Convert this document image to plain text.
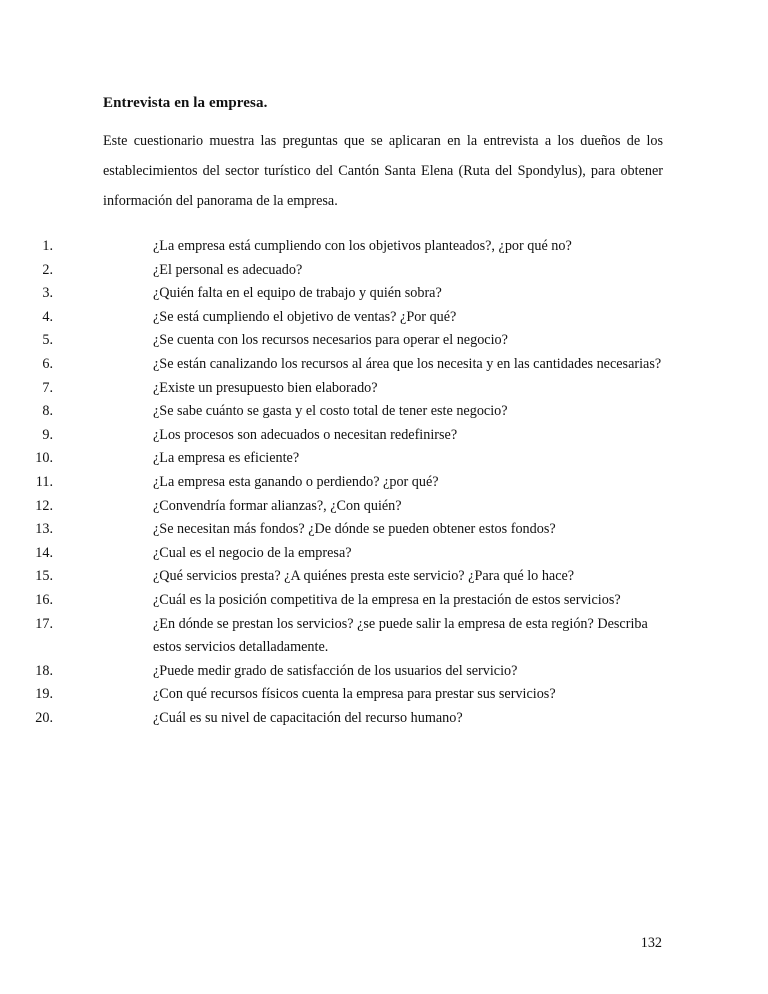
Entrevista en la empresa.

Este cuestionario muestra las preguntas que se aplicaran en la entrevista a los dueños de los establecimientos del sector turístico del Cantón Santa Elena (Ruta del Spondylus), para obtener información del panorama de la empresa.

1.	¿La empresa está cumpliendo con los objetivos planteados?, ¿por qué no?
2.	¿El personal es adecuado?
3.	¿Quién falta en el equipo de trabajo y quién sobra?
4.	¿Se está cumpliendo el objetivo de ventas? ¿Por qué?
5.	¿Se cuenta con los recursos necesarios para operar el negocio?
6.	¿Se están canalizando los recursos al área que los necesita y en las cantidades necesarias?
7.	¿Existe un presupuesto bien elaborado?
8.	¿Se sabe cuánto se gasta y el costo total de tener este negocio?
9.	¿Los procesos son adecuados o necesitan redefinirse?
10.	¿La empresa es eficiente?
11.	¿La empresa esta ganando o perdiendo? ¿por qué?
12.	¿Convendría formar alianzas?, ¿Con quién?
13.	¿Se necesitan más fondos? ¿De dónde se pueden obtener estos fondos?
14.	¿Cual es el negocio de la empresa?
15.	¿Qué servicios presta? ¿A quiénes presta este servicio? ¿Para qué lo hace?
16.	¿Cuál es la posición competitiva de la empresa en la prestación de estos servicios?
17.	¿En dónde se prestan los servicios? ¿se puede salir la empresa de esta región? Describa estos servicios detalladamente.
18.	¿Puede medir grado de satisfacción de los usuarios del servicio?
19.	¿Con qué recursos físicos cuenta la empresa para prestar sus servicios?
20.	¿Cuál es su nivel de capacitación del recurso humano?
132
